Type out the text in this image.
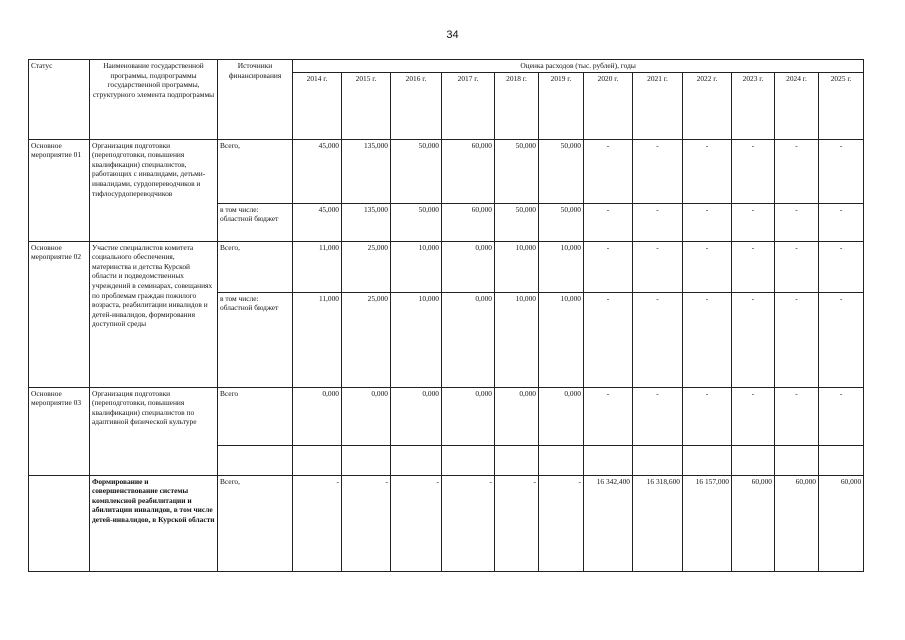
34
Статус	Наименование государственной программы, подпрограммы государственной программы, структурного элемента подпрограммы	Источники финансирования	Оценка расходов (тыс. рублей), годы											
			2014 г.	2015 г.	2016 г.	2017 г.	2018 г.	2019 г.	2020 г.	2021 г.	2022 г.	2023 г.	2024 г.	2025 г.
Основное мероприятие 01	Организация подготовки (переподготовки, повышения квалификации) специалистов, работающих с инвалидами, детьми-инвалидами, сурдопереводчиков и тифлосурдопереводчиков	Всего,	45,000	135,000	50,000	60,000	50,000	50,000	-	-	-	-	-	-
		в том числе: областной бюджет	45,000	135,000	50,000	60,000	50,000	50,000	-	-	-	-	-	-
Основное мероприятие 02	Участие специалистов комитета социального обеспечения, материнства и детства Курской области и подведомственных учреждений в семинарах, совещаниях по проблемам граждан пожилого возраста, реабилитации инвалидов и детей-инвалидов, формирования доступной среды	Всего,	11,000	25,000	10,000	0,000	10,000	10,000	-	-	-	-	-	-
		в том числе: областной бюджет	11,000	25,000	10,000	0,000	10,000	10,000	-	-	-	-	-	-
Основное мероприятие 03	Организация подготовки (переподготовки, повышения квалификации) специалистов по адаптивной физической культуре	Всего	0,000	0,000	0,000	0,000	0,000	0,000	-	-	-	-	-	-

	Формирование и совершенствование системы комплексной реабилитации и абилитации инвалидов, в том числе детей-инвалидов, в Курской области	Всего,	-	-	-	-	-	-	16 342,400	16 318,600	16 157,000	60,000	60,000	60,000
